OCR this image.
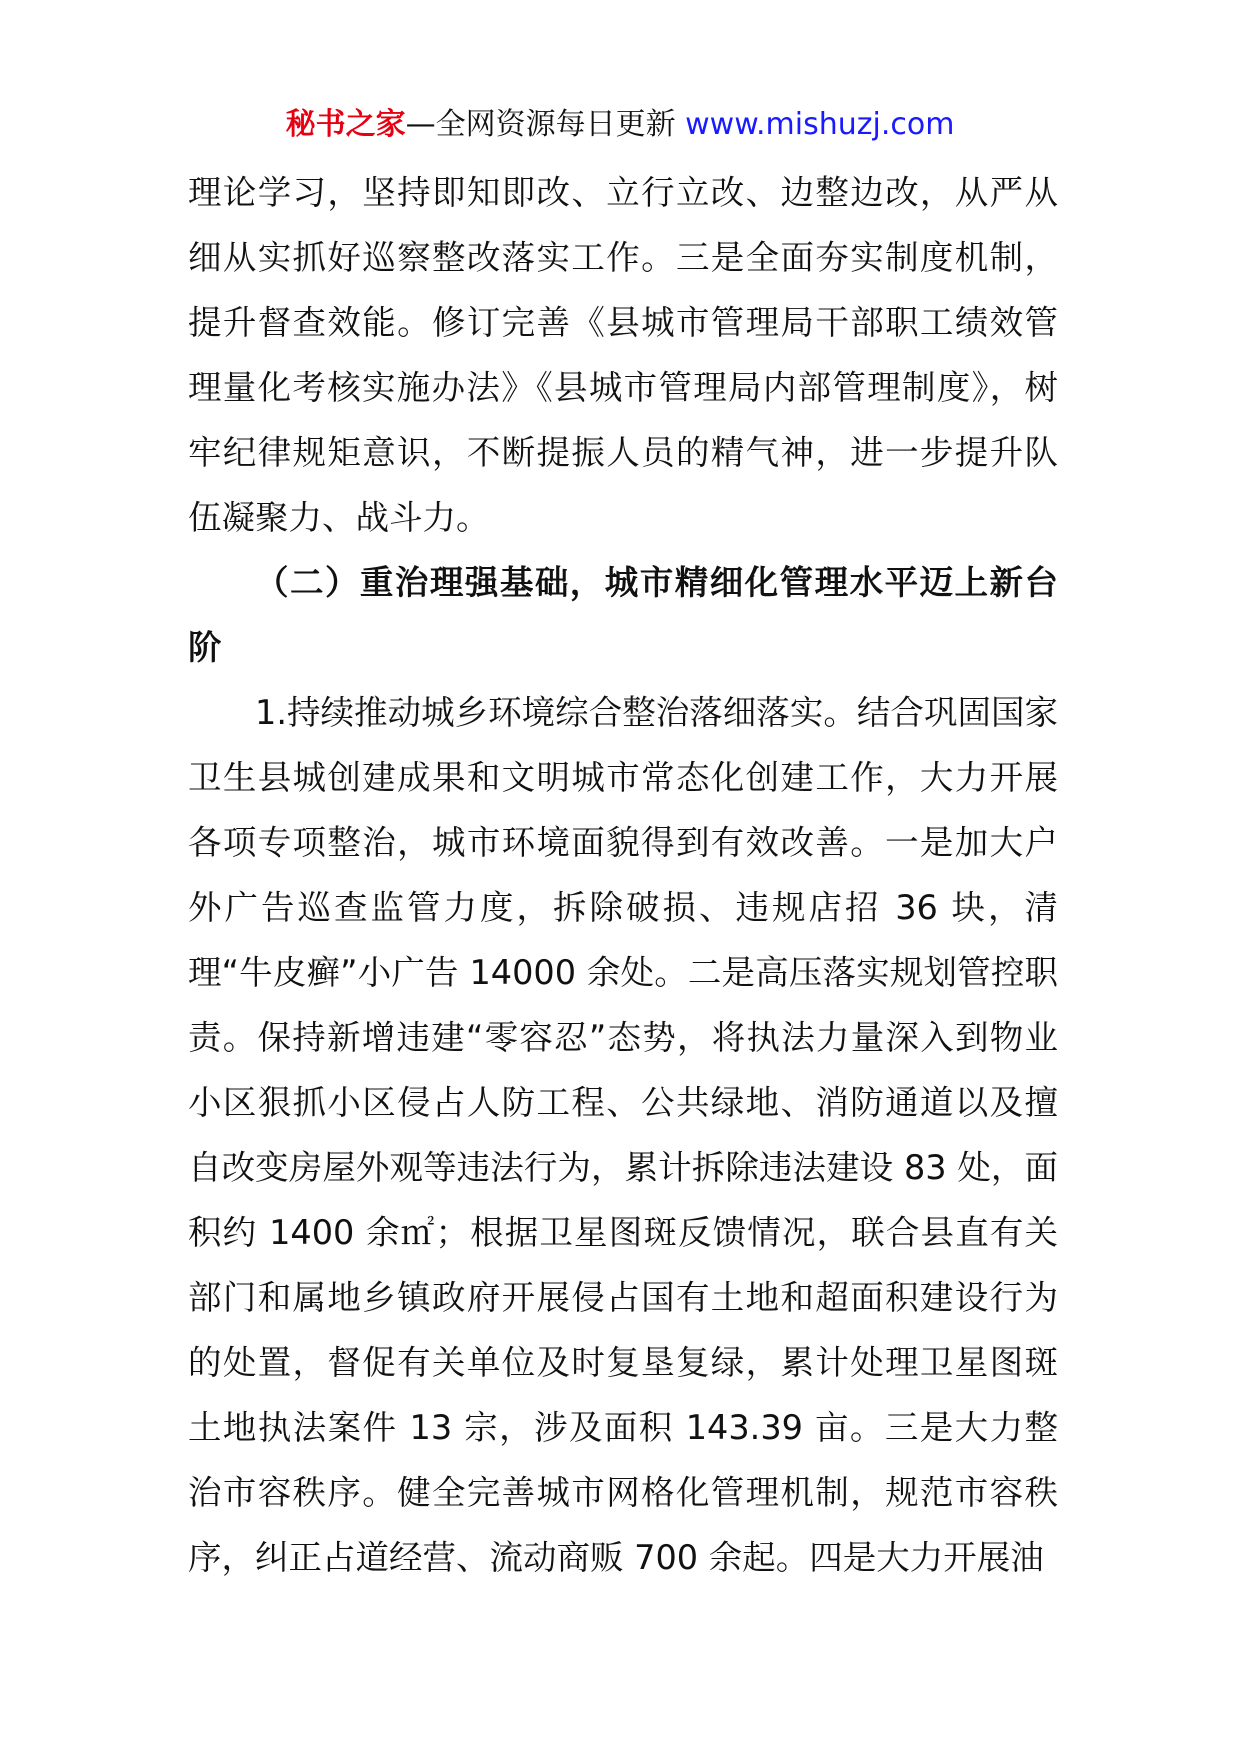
秘书之家—全网资源每日更新 www.mishuzj.com

理论学习，坚持即知即改、立行立改、边整边改，从严从细从实抓好巡察整改落实工作。三是全面夯实制度机制，提升督查效能。修订完善《县城市管理局干部职工绩效管理量化考核实施办法》《县城市管理局内部管理制度》，树牢纪律规矩意识，不断提振人员的精气神，进一步提升队伍凝聚力、战斗力。

（二）重治理强基础，城市精细化管理水平迈上新台阶

1.持续推动城乡环境综合整治落细落实。结合巩固国家卫生县城创建成果和文明城市常态化创建工作，大力开展各项专项整治，城市环境面貌得到有效改善。一是加大户外广告巡查监管力度，拆除破损、违规店招 36 块，清理“牛皮癣”小广告 14000 余处。二是高压落实规划管控职责。保持新增违建“零容忍”态势，将执法力量深入到物业小区狠抓小区侵占人防工程、公共绿地、消防通道以及擅自改变房屋外观等违法行为，累计拆除违法建设 83 处，面积约 1400 余㎡；根据卫星图斑反馈情况，联合县直有关部门和属地乡镇政府开展侵占国有土地和超面积建设行为的处置，督促有关单位及时复垦复绿，累计处理卫星图斑土地执法案件 13 宗，涉及面积 143.39 亩。三是大力整治市容秩序。健全完善城市网格化管理机制，规范市容秩序，纠正占道经营、流动商贩 700 余起。四是大力开展油
